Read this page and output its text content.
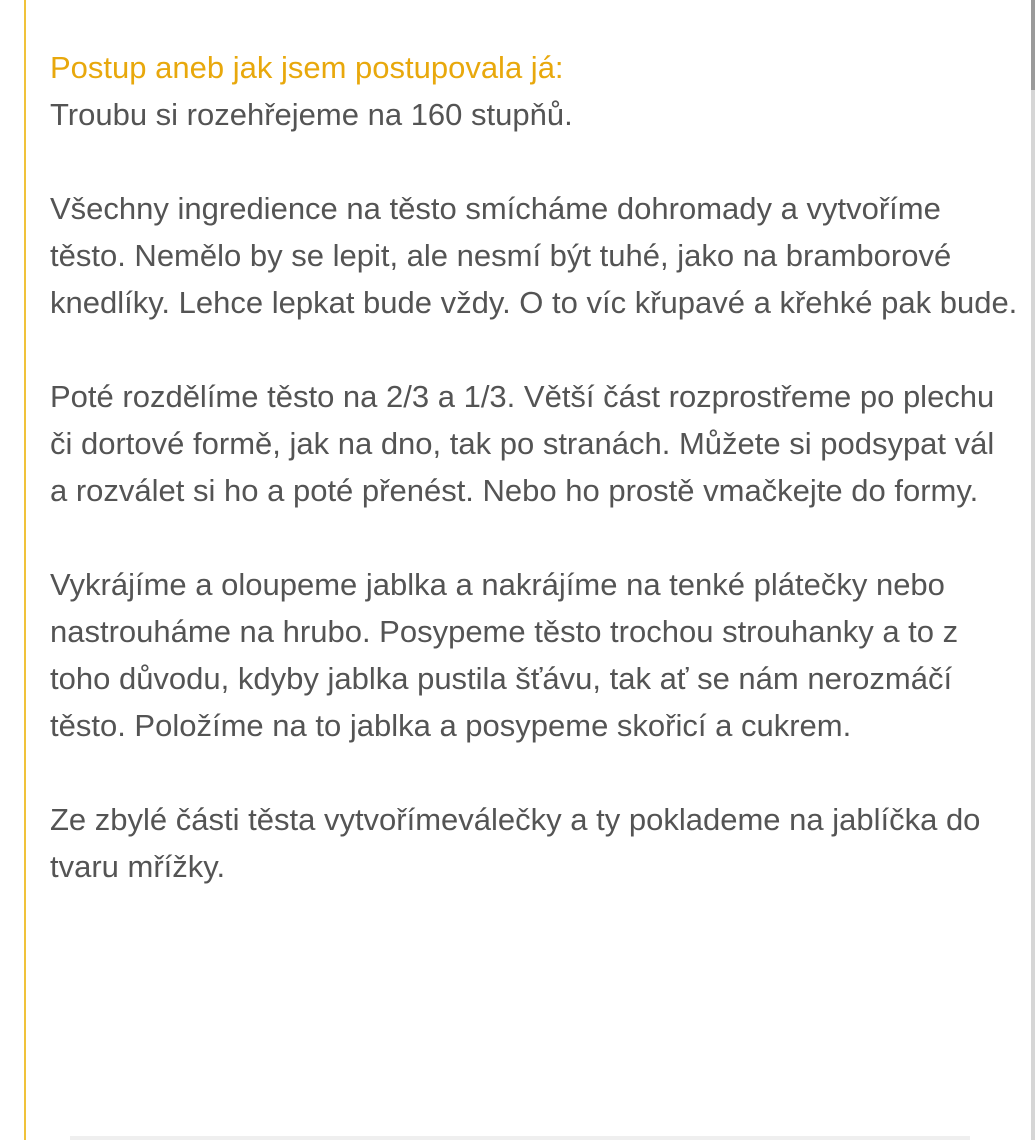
Postup aneb jak jsem postupovala já:

Troubu si rozehřejeme na 160 stupňů.

Všechny ingredience na těsto smícháme dohromady a vytvoříme těsto. Nemělo by se lepit, ale nesmí být tuhé, jako na bramborové knedlíky. Lehce lepkat bude vždy. O to víc křupavé a křehké pak bude.

Poté rozdělíme těsto na 2/3 a 1/3. Větší část rozprostřeme po plechu či dortové formě, jak na dno, tak po stranách. Můžete si podsypat vál a rozválet si ho a poté přenést. Nebo ho prostě vmačkejte do formy.

Vykrájíme a oloupeme jablka a nakrájíme na tenké plátečky nebo nastrouháme na hrubo. Posypeme těsto trochou strouhanky a to z toho důvodu, kdyby jablka pustila šťávu, tak ať se nám nerozmáčí těsto. Položíme na to jablka a posypeme skořicí a cukrem.

Ze zbylé části těsta vytvořímeválečky a ty poklademe na jablíčka do tvaru mřížky.
